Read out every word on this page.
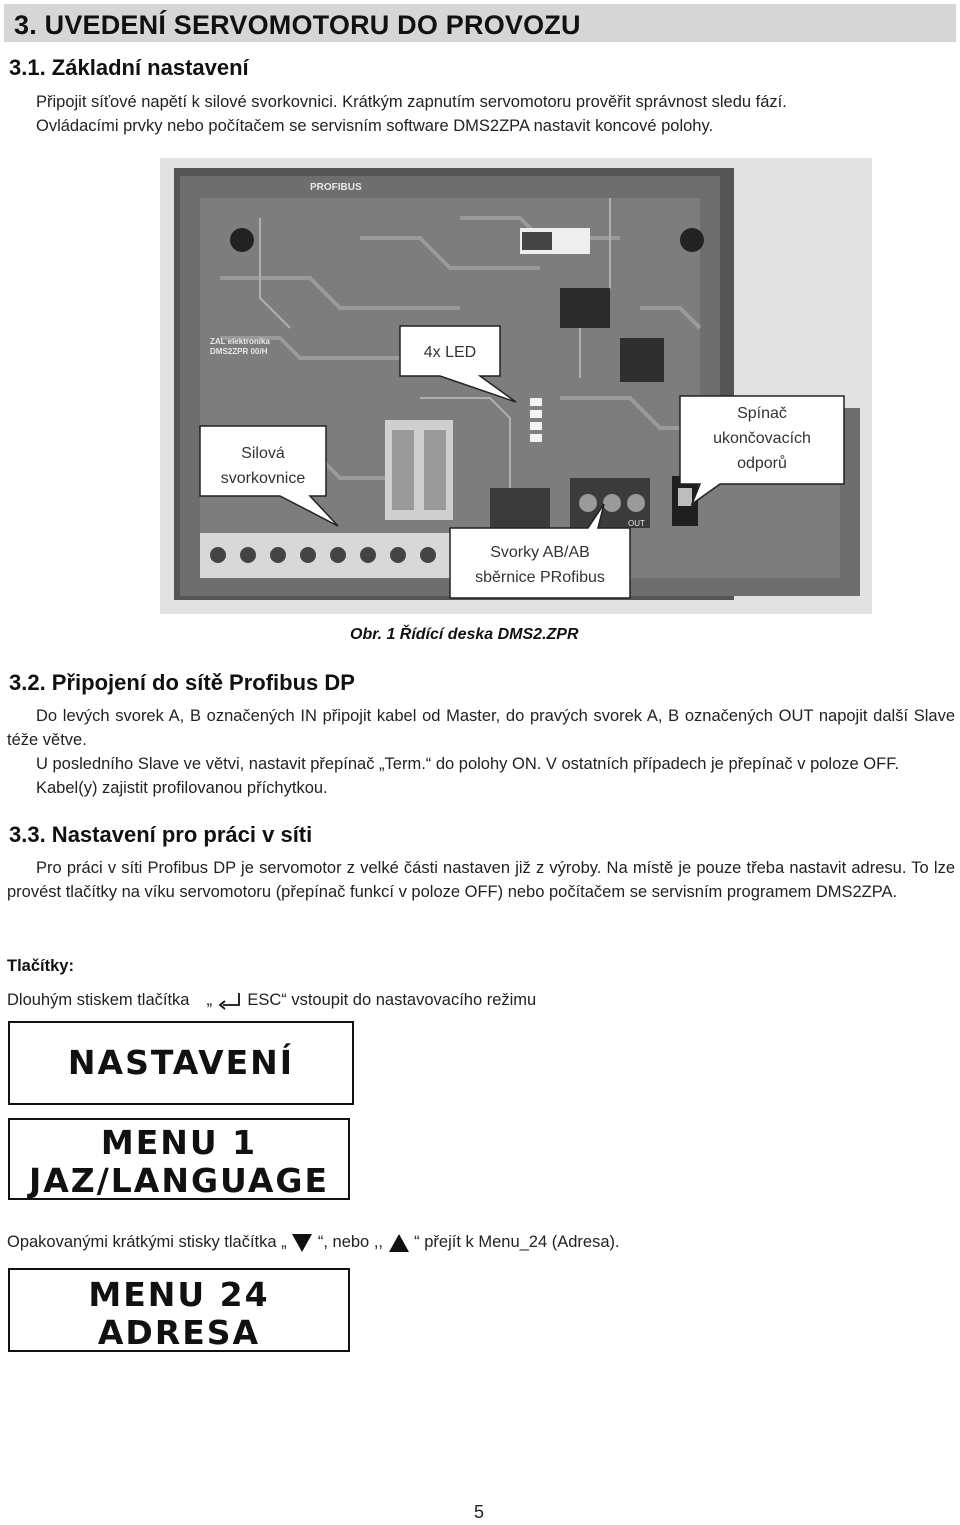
3. UVEDENÍ SERVOMOTORU DO PROVOZU
3.1. Základní nastavení
Připojit síťové napětí k silové svorkovnici. Krátkým zapnutím servomotoru prověřit správnost sledu fází.
Ovládacími prvky nebo počítačem se servisním software DMS2ZPA nastavit koncové polohy.
PROFIBUS
ZAL elektronika
DMS2ZPR 00/H
OUT
4x LED
Silová
svorkovnice
Spínač
ukončovacích
odporů
Svorky AB/AB
sběrnice PRofibus
Obr. 1 Řídící deska DMS2.ZPR
3.2. Připojení do sítě Profibus DP
Do levých svorek A, B označených IN připojit kabel od Master, do pravých svorek A, B označených OUT napojit další Slave téže větve.
U posledního Slave ve větvi, nastavit přepínač „Term.“ do polohy ON. V ostatních případech je přepínač v poloze OFF.
Kabel(y) zajistit profilovanou příchytkou.
3.3. Nastavení pro práci v síti
Pro práci v síti Profibus DP je servomotor z velké části nastaven již z výroby. Na místě je pouze třeba nastavit adresu. To lze provést tlačítky na víku servomotoru (přepínač funkcí v poloze OFF) nebo počítačem se servisním programem DMS2ZPA.
Tlačítky:
Dlouhým stiskem tlačítka „ ESC“ vstoupit do nastavovacího režimu
NASTAVENÍ
MENU 1
JAZ/LANGUAGE
Opakovanými krátkými stisky tlačítka „ “, nebo ,, “ přejít k Menu_24 (Adresa).
MENU 24
ADRESA
5
